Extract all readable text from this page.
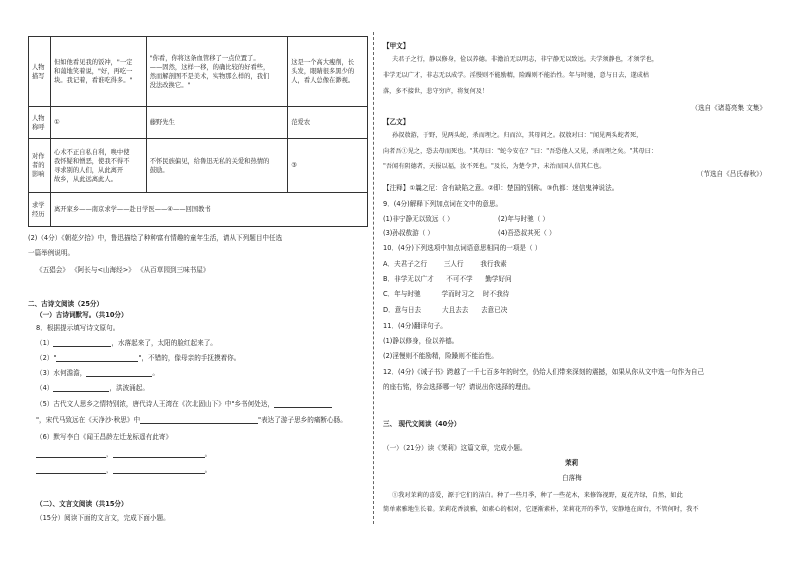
人物
描写	但如他看见我的饭冲，"一定
和蔼地笑着说，"好，再吃一
块。我记着，看谁吃得多。"	"你看，你将这条血管移了一点位置了。
——固然，这样一移，的确比较的好看些，
然而解剖图不是美术，实物那么样的，我们
没法改换它。"	这是一个高大瘦削，长
头发，眼睛很多黑少的
人，看人总像在渺视。
人物
称呼	①	藤野先生	范爱农
对作
者的
影响	心术不正自私自利，唤中使
我怀疑和憎恶，使我不得不
寻求别的人们，从此离开
故乡，从此远离此人。	不怀民族偏见，给鲁迅无私的关爱和热情的
鼓励。	③
求学
经历	离开家乡——南京求学——赴日学医——④——回国教书		
(2)（4分）《朝花夕拾》中，鲁迅描绘了种种富有情趣的童年生活，请从下列题目中任选
一篇举例说明。
《五猖会》 《阿长与<山海经>》 《从百草园到三味书屋》
二、古诗文阅读（25分）
（一）古诗词默写。（共10分）
8．根据提示填写诗文原句。
（1）	，水落起来了，太阳的脸红起来了。
（2）"	"，不错的，像母亲的手抚摸着你。
（3）水何澹澹，	。
（4）	，洪波涌起。
（5）古代文人思乡之情特别浓，唐代诗人王湾在《次北固山下》中"乡书何处达，
"，宋代马致远在《天净沙·秋思》中	"表达了游子思乡的痛断心肠。
（6）默写李白《闻王昌龄左迁龙标遥有此寄》
，	。
，	。
（二）、文言文阅读（共15分）
（15分）阅读下面的文言文，完成下面小题。
【甲文】
夫君子之行，静以修身，俭以养德。非澹泊无以明志，非宁静无以致远。夫学须静也，才须学也，
非学无以广才，非志无以成学。淫慢则不能励精，险躁则不能治性。年与时驰，意与日去，遂成枯
落，多不接世，悲守穷庐，将复何及！
（选自《诸葛亮集 文集》
【乙文】
孙叔敖游，于野，见两头蛇，杀而埋之。归而泣，其母问之。叔敖对曰："闻见两头蛇者死，
向者吾①见之，恐去母而死也。"其母曰："蛇今安在？"曰："吾恐他人又见，杀而埋之矣。"其母曰：
"吾闻有阴德者，天报以福，汝不死也。"及长，为楚令尹，未治而国人信其仁也。
（节选自《吕氏春秋》）
【注释】①曩之尼：含有缺陷之意。②即：楚国的别称。③仇都：迷信鬼神说法。
9．(4分)解释下列加点词在文中的意思。
(1)非宁静无以致远（ ）	(2)年与时驰（ ）
(3)孙叔敖游（ ）	(4)吾恐叔其死（ ）
10．(4分)下列选项中加点词语意思相同的一项是（ ）
A．夫君子之行        三人行        我行我素
B．非学无以广才      不可不学      勤学好问
C．年与时驰          学而时习之    时不我待
D．意与日去          大且去去      去意已决
11．(4分)翻译句子。
(1)静以修身，俭以养德。
(2)淫慢则不能励精，险躁则不能治性。
12．(4分)《诫子书》跨越了一千七百多年的时空，仍给人们带来深刻的震撼，如果从你从文中选一句作为自己
的座右铭，你会选择哪一句？请说出你选择的理由。
三、 现代文阅读（40分）
（一）（21分）读《茉莉》这篇文章，完成小题。
茉莉
白落梅
①我对茉莉的喜爱，源于它们的洁白。种了一些月季，种了一些花木，来修饰视野，夏花卉绿，自然，如此
简单素雅地生长着。茉莉花香淡雅，如素心的相对，它逐渐素朴，茉莉花开的季节，安静地在窗台，不管何时，我不
